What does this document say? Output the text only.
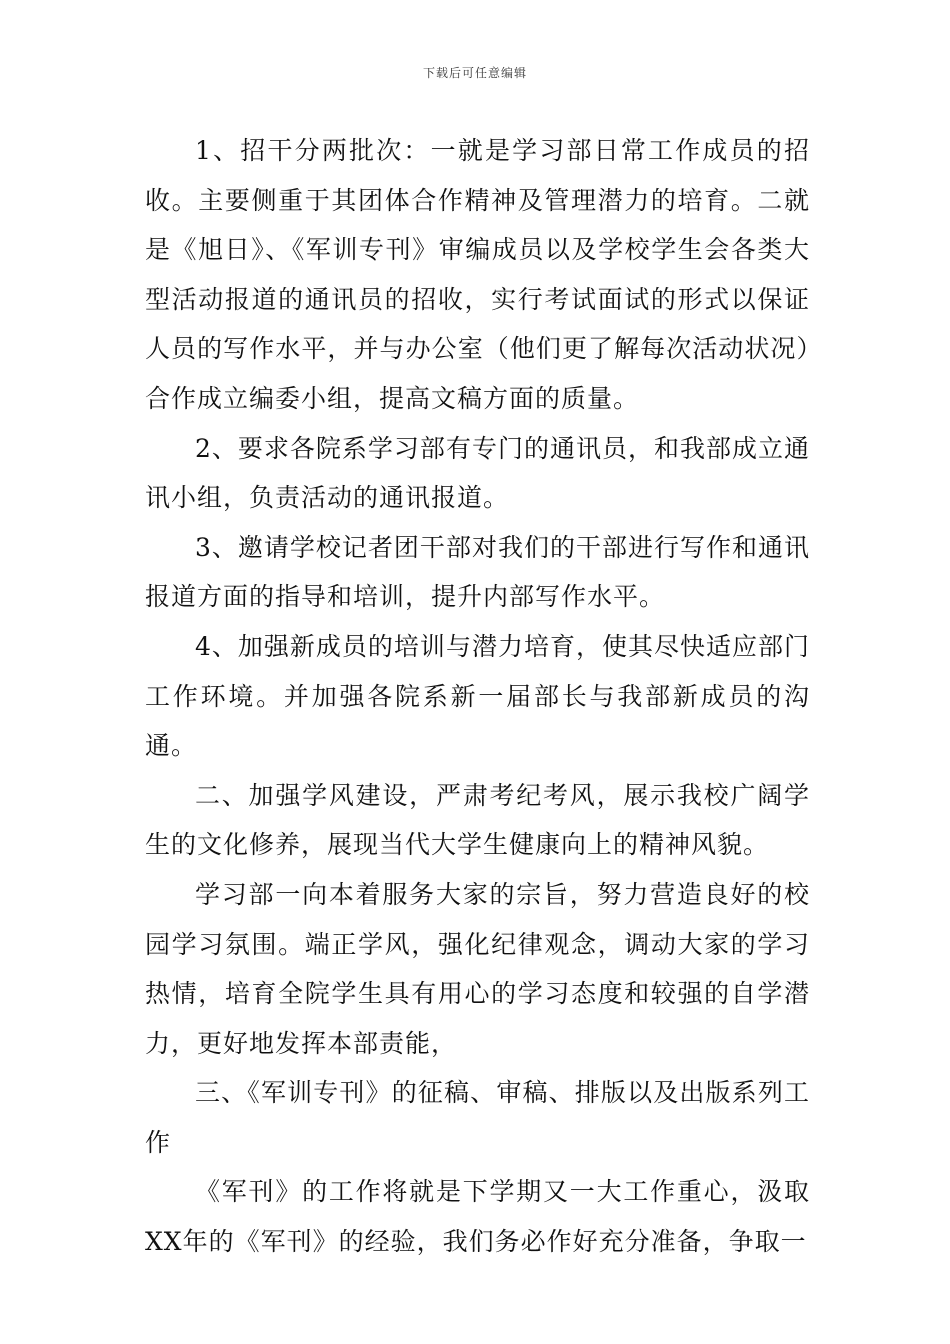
下载后可任意编辑

1、招干分两批次：一就是学习部日常工作成员的招收。主要侧重于其团体合作精神及管理潜力的培育。二就是《旭日》、《军训专刊》审编成员以及学校学生会各类大型活动报道的通讯员的招收，实行考试面试的形式以保证人员的写作水平，并与办公室（他们更了解每次活动状况）合作成立编委小组，提高文稿方面的质量。

2、要求各院系学习部有专门的通讯员，和我部成立通讯小组，负责活动的通讯报道。

3、邀请学校记者团干部对我们的干部进行写作和通讯报道方面的指导和培训，提升内部写作水平。

4、加强新成员的培训与潜力培育，使其尽快适应部门工作环境。并加强各院系新一届部长与我部新成员的沟通。

二、加强学风建设，严肃考纪考风，展示我校广阔学生的文化修养，展现当代大学生健康向上的精神风貌。

学习部一向本着服务大家的宗旨，努力营造良好的校园学习氛围。端正学风，强化纪律观念，调动大家的学习热情，培育全院学生具有用心的学习态度和较强的自学潜力，更好地发挥本部责能，

三、《军训专刊》的征稿、审稿、排版以及出版系列工作

《军刊》的工作将就是下学期又一大工作重心，汲取XX年的《军刊》的经验，我们务必作好充分准备，争取一
